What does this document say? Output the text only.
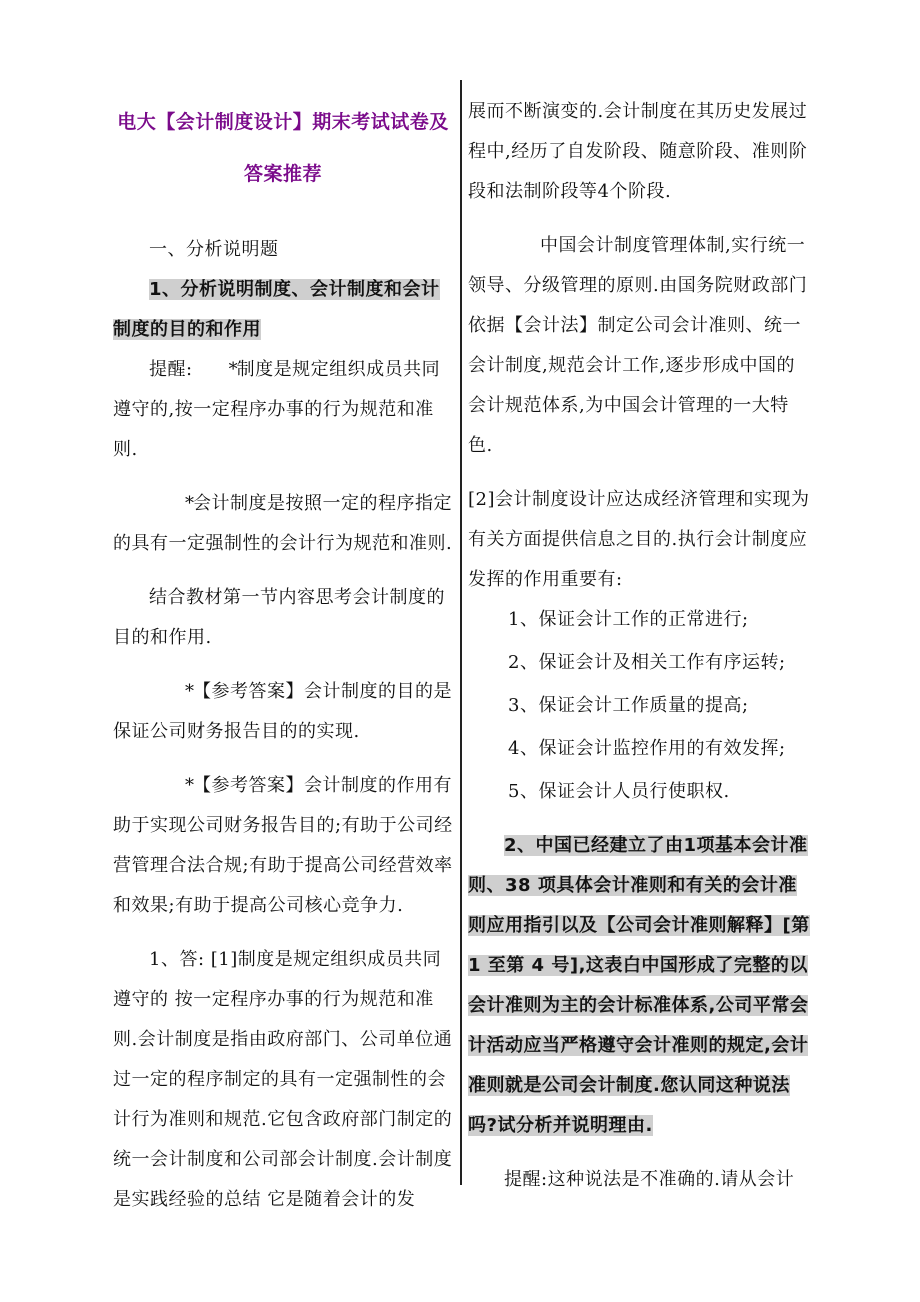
电大【会计制度设计】期末考试试卷及答案推荐

一、分析说明题

1、分析说明制度、会计制度和会计制度的目的和作用

提醒: *制度是规定组织成员共同遵守的,按一定程序办事的行为规范和准则.

*会计制度是按照一定的程序指定的具有一定强制性的会计行为规范和准则.

结合教材第一节内容思考会计制度的目的和作用.

*【参考答案】会计制度的目的是保证公司财务报告目的的实现.

*【参考答案】会计制度的作用有助于实现公司财务报告目的;有助于公司经营管理合法合规;有助于提高公司经营效率和效果;有助于提高公司核心竞争力.

1、答: [1]制度是规定组织成员共同遵守的 按一定程序办事的行为规范和准则.会计制度是指由政府部门、公司单位通过一定的程序制定的具有一定强制性的会计行为准则和规范.它包含政府部门制定的统一会计制度和公司部会计制度.会计制度是实践经验的总结 它是随着会计的发

展而不断演变的.会计制度在其历史发展过程中,经历了自发阶段、随意阶段、准则阶段和法制阶段等4个阶段.

中国会计制度管理体制,实行统一领导、分级管理的原则.由国务院财政部门依据【会计法】制定公司会计准则、统一会计制度,规范会计工作,逐步形成中国的会计规范体系,为中国会计管理的一大特色.

[2]会计制度设计应达成经济管理和实现为有关方面提供信息之目的.执行会计制度应发挥的作用重要有:

1、保证会计工作的正常进行;
2、保证会计及相关工作有序运转;
3、保证会计工作质量的提高;
4、保证会计监控作用的有效发挥;
5、保证会计人员行使职权.

2、中国已经建立了由1项基本会计准则、38 项具体会计准则和有关的会计准则应用指引以及【公司会计准则解释】[第 1 至第 4 号],这表白中国形成了完整的以会计准则为主的会计标准体系,公司平常会计活动应当严格遵守会计准则的规定,会计准则就是公司会计制度.您认同这种说法吗?试分析并说明理由.

提醒:这种说法是不准确的.请从会计
